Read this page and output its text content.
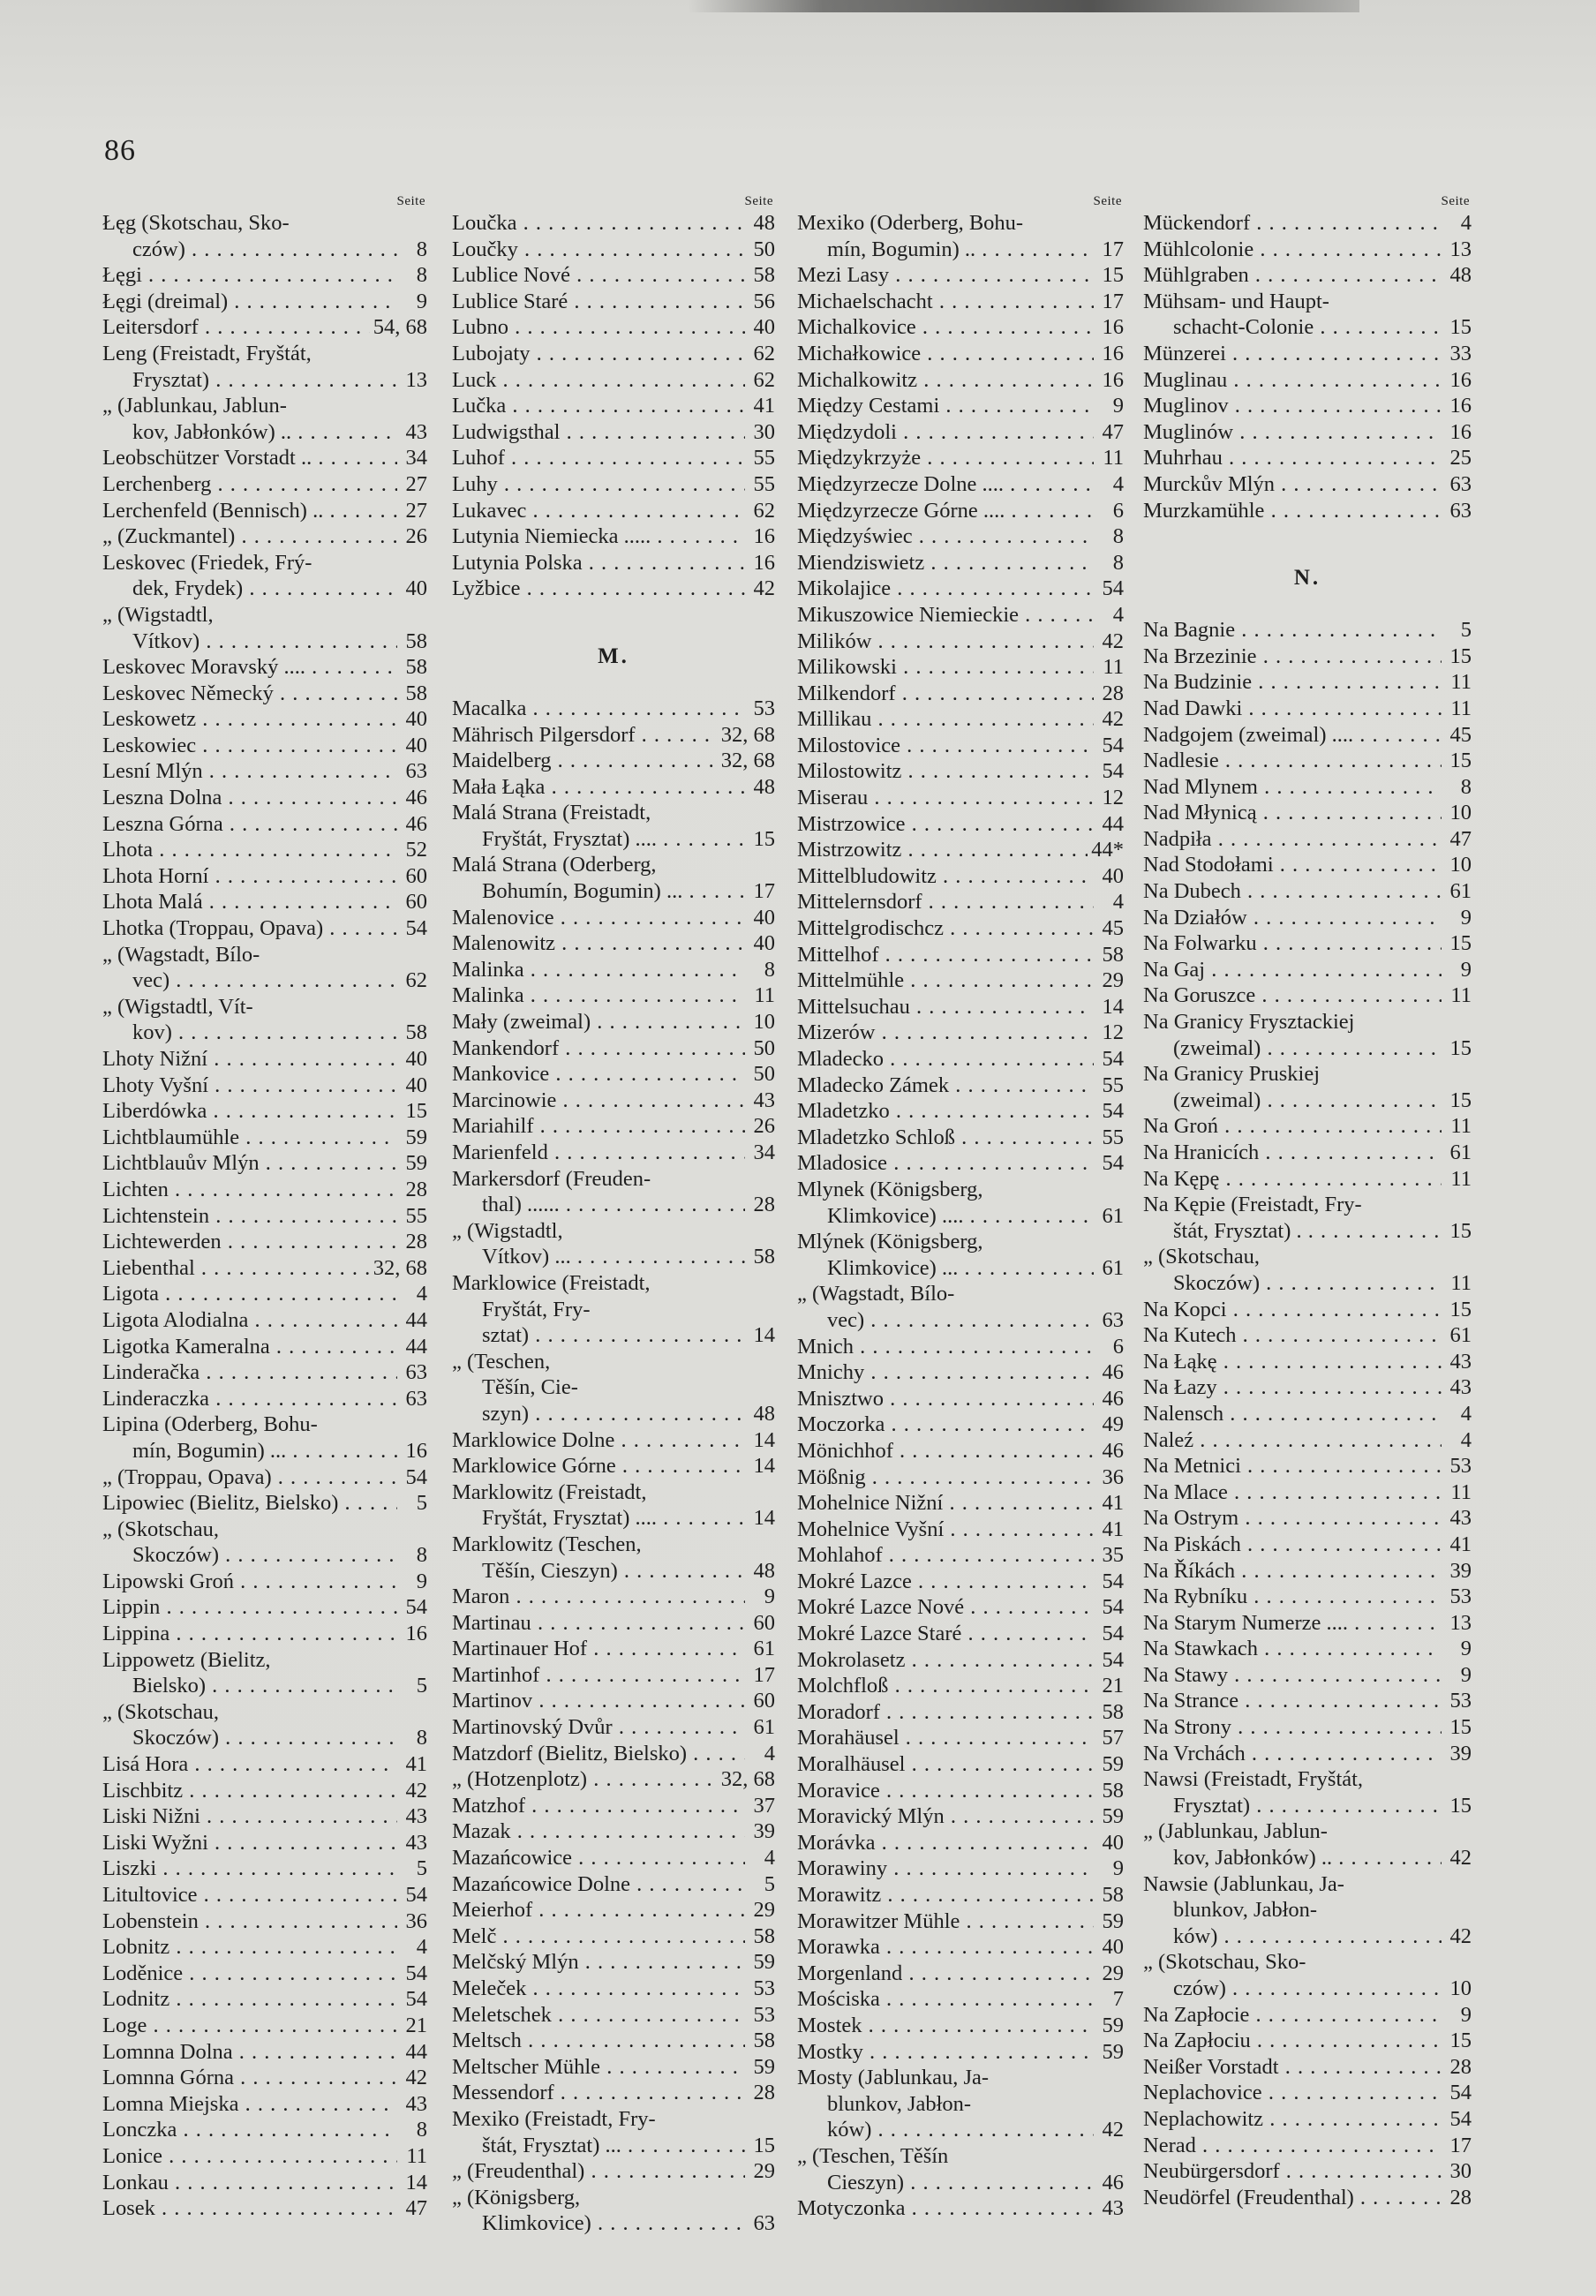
86
Seite
Łęg (Skotschau, Sko-
czów) . . .	8
Łęgi . . .	8
Łęgi (dreimal) . . .	9
Leitersdorf . . .	54, 68
Leng (Freistadt, Fryštát,
Frysztat) . . .	13
„ (Jablunkau, Jablun-
kov, Jabłonków) .. . . .	43
Leobschützer Vorstadt .. . . .	34
Lerchenberg . . .	27
Lerchenfeld (Bennisch) .. . . .	27
„ (Zuckmantel) . . .	26
Leskovec (Friedek, Frý-
dek, Frydek) . . .	40
„ (Wigstadtl,
Vítkov) . . .	58
Leskovec Moravský .... . . .	58
Leskovec Německý . . .	58
Leskowetz . . .	40
Leskowiec . . .	40
Lesní Mlýn . . .	63
Leszna Dolna . . .	46
Leszna Górna . . .	46
Lhota . . .	52
Lhota Horní . . .	60
Lhota Malá . . .	60
Lhotka (Troppau, Opava) . . .	54
„ (Wagstadt, Bílo-
vec) . . .	62
„ (Wigstadtl, Vít-
kov) . . .	58
Lhoty Nižní . . .	40
Lhoty Vyšní . . .	40
Liberdówka . . .	15
Lichtblaumühle . . .	59
Lichtblauův Mlýn . . .	59
Lichten . . .	28
Lichtenstein . . .	55
Lichtewerden . . .	28
Liebenthal . . .	32, 68
Ligota . . .	4
Ligota Alodialna . . .	44
Ligotka Kameralna . . .	44
Linderačka . . .	63
Linderaczka . . .	63
Lipina (Oderberg, Bohu-
mín, Bogumin) ... . . .	16
„ (Troppau, Opava) . . .	54
Lipowiec (Bielitz, Bielsko) . . .	5
„ (Skotschau,
Skoczów) . . .	8
Lipowski Groń . . .	9
Lippin . . .	54
Lippina . . .	16
Lippowetz (Bielitz,
Bielsko) . . .	5
„ (Skotschau,
Skoczów) . . .	8
Lisá Hora . . .	41
Lischbitz . . .	42
Liski Nižni . . .	43
Liski Wyžni . . .	43
Liszki . . .	5
Litultovice . . .	54
Lobenstein . . .	36
Lobnitz . . .	4
Loděnice . . .	54
Lodnitz . . .	54
Loge . . .	21
Lomnna Dolna . . .	44
Lomnna Górna . . .	42
Lomna Miejska . . .	43
Lonczka . . .	8
Lonice . . .	11
Lonkau . . .	14
Losek . . .	47
Seite
Loučka . . .	48
Loučky . . .	50
Lublice Nové . . .	58
Lublice Staré . . .	56
Lubno . . .	40
Lubojaty . . .	62
Luck . . .	62
Lučka . . .	41
Ludwigsthal . . .	30
Luhof . . .	55
Luhy . . .	55
Lukavec . . .	62
Lutynia Niemiecka ..... . . .	16
Lutynia Polska . . .	16
Lyžbice . . .	42
M.
Macalka . . .	53
Mährisch Pilgersdorf . . .	32, 68
Maidelberg . . .	32, 68
Mała Łąka . . .	48
Malá Strana (Freistadt,
Fryštát, Frysztat) .... . . .	15
Malá Strana (Oderberg,
Bohumín, Bogumin) ... . . .	17
Malenovice . . .	40
Malenowitz . . .	40
Malinka . . .	8
Malinka . . .	11
Mały (zweimal) . . .	10
Mankendorf . . .	50
Mankovice . . .	50
Marcinowie . . .	43
Mariahilf . . .	26
Marienfeld . . .	34
Markersdorf (Freuden-
thal) ...... . . .	28
„ (Wigstadtl,
Vítkov) ... . . .	58
Marklowice (Freistadt,
Fryštát, Fry-
sztat) . . .	14
„ (Teschen,
Těšín, Cie-
szyn) . . .	48
Marklowice Dolne . . .	14
Marklowice Górne . . .	14
Marklowitz (Freistadt,
Fryštát, Frysztat) .... . . .	14
Marklowitz (Teschen,
Těšín, Cieszyn) . . .	48
Maron . . .	9
Martinau . . .	60
Martinauer Hof . . .	61
Martinhof . . .	17
Martinov . . .	60
Martinovský Dvůr . . .	61
Matzdorf (Bielitz, Bielsko) . . .	4
„ (Hotzenplotz) . . .	32, 68
Matzhof . . .	37
Mazak . . .	39
Mazańcowice . . .	4
Mazańcowice Dolne . . .	5
Meierhof . . .	29
Melč . . .	58
Melčský Mlýn . . .	59
Meleček . . .	53
Meletschek . . .	53
Meltsch . . .	58
Meltscher Mühle . . .	59
Messendorf . . .	28
Mexiko (Freistadt, Fry-
štát, Frysztat) ... . . .	15
„ (Freudenthal) . . .	29
„ (Königsberg,
Klimkovice) . . .	63
Seite
Mexiko (Oderberg, Bohu-
mín, Bogumin) .. . . .	17
Mezi Lasy . . .	15
Michaelschacht . . .	17
Michalkovice . . .	16
Michałkowice . . .	16
Michalkowitz . . .	16
Między Cestami . . .	9
Międzydoli . . .	47
Międzykrzyże . . .	11
Międzyrzecze Dolne .... . . .	4
Międzyrzecze Górne .... . . .	6
Międzyświec . . .	8
Miendziswietz . . .	8
Mikolajice . . .	54
Mikuszowice Niemieckie . . .	4
Milików . . .	42
Milikowski . . .	11
Milkendorf . . .	28
Millikau . . .	42
Milostovice . . .	54
Milostowitz . . .	54
Miserau . . .	12
Mistrzowice . . .	44
Mistrzowitz . . .	44*
Mittelbludowitz . . .	40
Mittelernsdorf . . .	4
Mittelgrodischcz . . .	45
Mittelhof . . .	58
Mittelmühle . . .	29
Mittelsuchau . . .	14
Mizerów . . .	12
Mladecko . . .	54
Mladecko Zámek . . .	55
Mladetzko . . .	54
Mladetzko Schloß . . .	55
Mladosice . . .	54
Mlynek (Königsberg,
Klimkovice) .... . . .	61
Mlýnek (Königsberg,
Klimkovice) ... . . .	61
„ (Wagstadt, Bílo-
vec) . . .	63
Mnich . . .	6
Mnichy . . .	46
Mnisztwo . . .	46
Moczorka . . .	49
Mönichhof . . .	46
Mößnig . . .	36
Mohelnice Nižní . . .	41
Mohelnice Vyšní . . .	41
Mohlahof . . .	35
Mokré Lazce . . .	54
Mokré Lazce Nové . . .	54
Mokré Lazce Staré . . .	54
Mokrolasetz . . .	54
Molchfloß . . .	21
Moradorf . . .	58
Morahäusel . . .	57
Moralhäusel . . .	59
Moravice . . .	58
Moravický Mlýn . . .	59
Morávka . . .	40
Morawiny . . .	9
Morawitz . . .	58
Morawitzer Mühle . . .	59
Morawka . . .	40
Morgenland . . .	29
Mościska . . .	7
Mostek . . .	59
Mostky . . .	59
Mosty (Jablunkau, Ja-
blunkov, Jabłon-
ków) . . .	42
„ (Teschen, Těšín
Cieszyn) . . .	46
Motyczonka . . .	43
Seite
Mückendorf . . .	4
Mühlcolonie . . .	13
Mühlgraben . . .	48
Mühsam- und Haupt-
schacht-Colonie . . .	15
Münzerei . . .	33
Muglinau . . .	16
Muglinov . . .	16
Muglinów . . .	16
Muhrhau . . .	25
Murckův Mlýn . . .	63
Murzkamühle . . .	63
N.
Na Bagnie . . .	5
Na Brzezinie . . .	15
Na Budzinie . . .	11
Nad Dawki . . .	11
Nadgojem (zweimal) .... . . .	45
Nadlesie . . .	15
Nad Mlynem . . .	8
Nad Młynicą . . .	10
Nadpiła . . .	47
Nad Stodołami . . .	10
Na Dubech . . .	61
Na Działów . . .	9
Na Folwarku . . .	15
Na Gaj . . .	9
Na Goruszce . . .	11
Na Granicy Frysztackiej
(zweimal) . . .	15
Na Granicy Pruskiej
(zweimal) . . .	15
Na Groń . . .	11
Na Hranicích . . .	61
Na Kępę . . .	11
Na Kępie (Freistadt, Fry-
štát, Frysztat) . . . .	15
„ (Skotschau,
Skoczów) . . .	11
Na Kopci . . .	15
Na Kutech . . .	61
Na Łąkę . . .	43
Na Łazy . . .	43
Nalensch . . .	4
Naleź . . .	4
Na Metnici . . .	53
Na Mlace . . .	11
Na Ostrym . . .	43
Na Piskách . . .	41
Na Říkách . . .	39
Na Rybníku . . .	53
Na Starym Numerze .... . . .	13
Na Stawkach . . .	9
Na Stawy . . .	9
Na Strance . . .	53
Na Strony . . .	15
Na Vrchách . . .	39
Nawsi (Freistadt, Fryštát,
Frysztat) . . .	15
„ (Jablunkau, Jablun-
kov, Jabłonków) .. . . .	42
Nawsie (Jablunkau, Ja-
blunkov, Jabłon-
ków) . . .	42
„ (Skotschau, Sko-
czów) . . .	10
Na Zapłocie . . .	9
Na Zapłociu . . .	15
Neißer Vorstadt . . .	28
Neplachovice . . .	54
Neplachowitz . . .	54
Nerad . . .	17
Neubürgersdorf . . .	30
Neudörfel (Freudenthal) . . .	28
